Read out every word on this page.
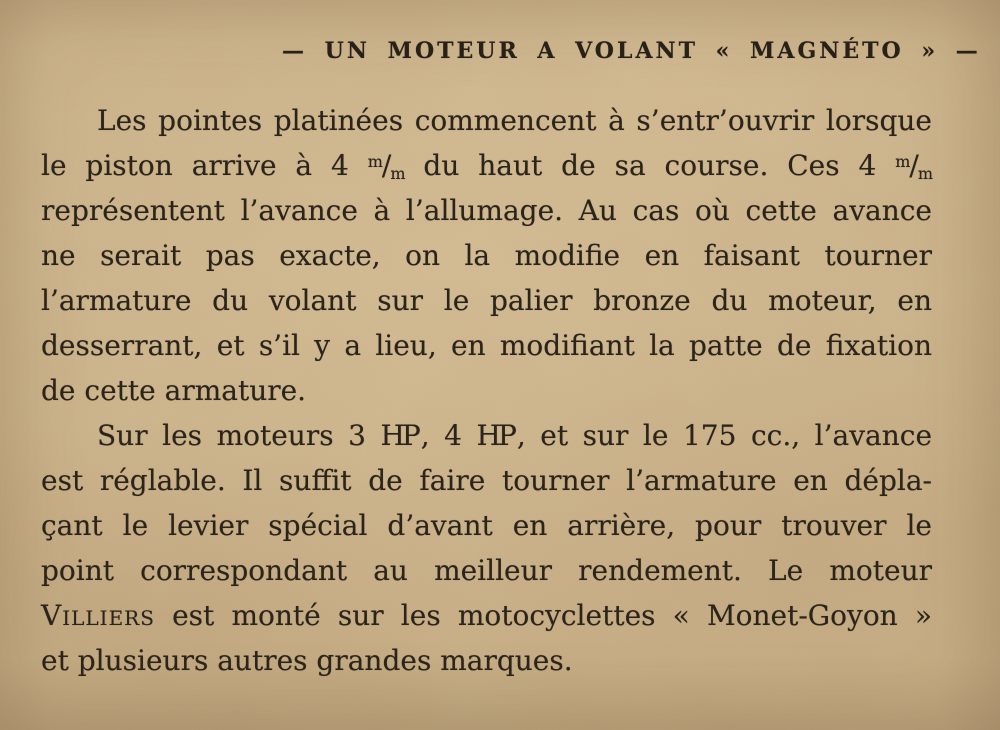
— UN MOTEUR A VOLANT « MAGNÉTO » —
Les pointes platinées commencent à s’entr’ouvrir lorsque
le piston arrive à 4 $^m/_m$ du haut de sa course. Ces 4 $^m/_m$
représentent l’avance à l’allumage. Au cas où cette avance
ne serait pas exacte, on la modifie en faisant tourner
l’armature du volant sur le palier bronze du moteur, en
desserrant, et s’il y a lieu, en modifiant la patte de fixation
de cette armature.
Sur les moteurs 3 HP , 4 HP , et sur le 175 cc., l’avance
est réglable. Il suffit de faire tourner l’armature en dépla-
çant le levier spécial d’avant en arrière, pour trouver le
point correspondant au meilleur rendement. Le moteur
Villiers est monté sur les motocyclettes « Monet-Goyon »
et plusieurs autres grandes marques.
